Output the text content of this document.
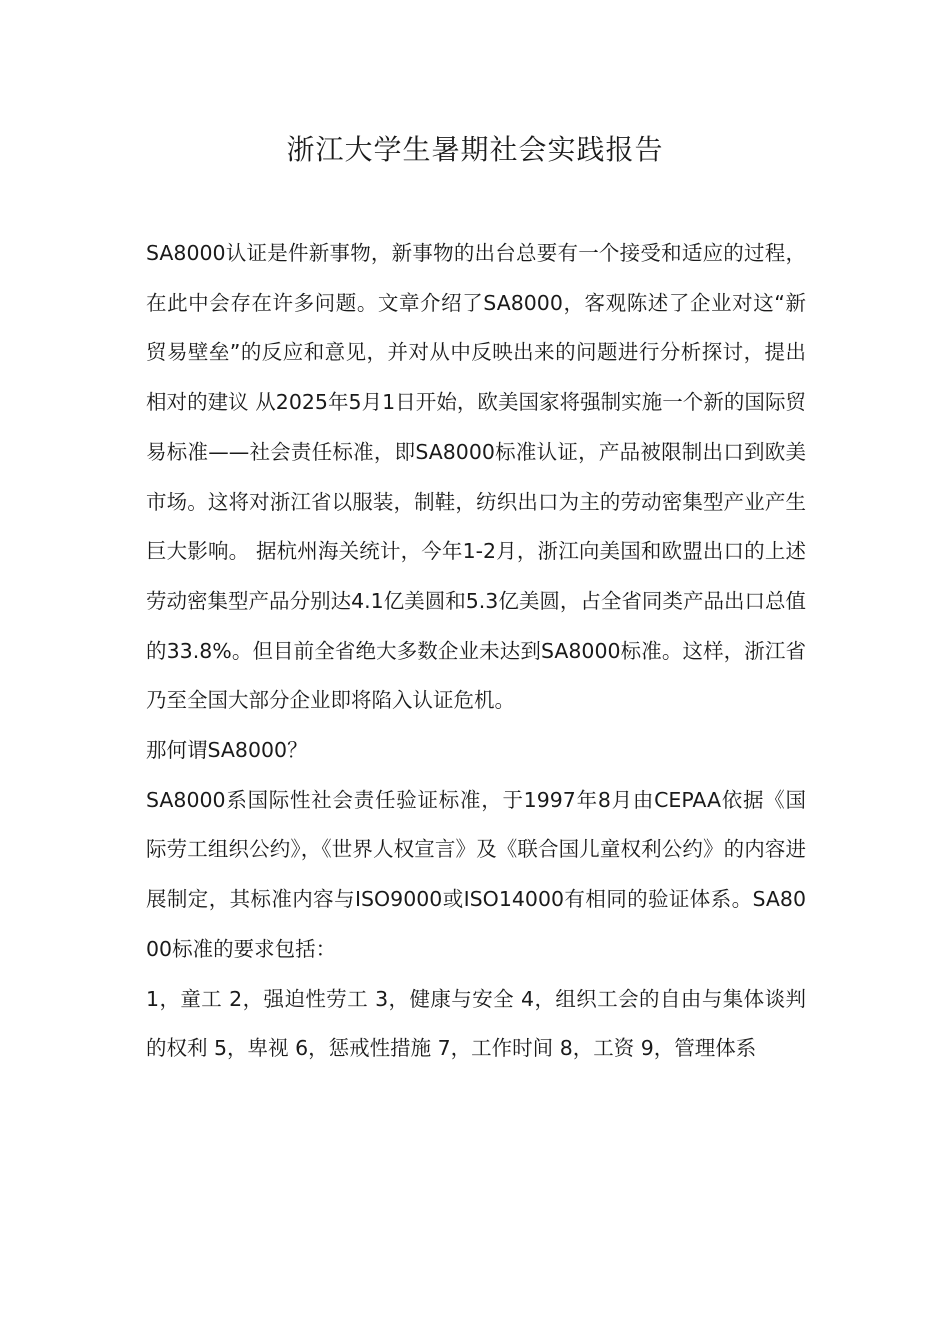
浙江大学生暑期社会实践报告

SA8000认证是件新事物，新事物的出台总要有一个接受和适应的过程，在此中会存在许多问题。文章介绍了SA8000，客观陈述了企业对这“新贸易壁垒”的反应和意见，并对从中反映出来的问题进行分析探讨，提出相对的建议 从2025年5月1日开始，欧美国家将强制实施一个新的国际贸易标准——社会责任标准，即SA8000标准认证，产品被限制出口到欧美市场。这将对浙江省以服装，制鞋，纺织出口为主的劳动密集型产业产生巨大影响。 据杭州海关统计，今年1-2月，浙江向美国和欧盟出口的上述劳动密集型产品分别达4.1亿美圆和5.3亿美圆，占全省同类产品出口总值的33.8%。但目前全省绝大多数企业未达到SA8000标准。这样，浙江省乃至全国大部分企业即将陷入认证危机。

那何谓SA8000？

SA8000系国际性社会责任验证标准，于1997年8月由CEPAA依据《国际劳工组织公约》，《世界人权宣言》及《联合国儿童权利公约》的内容进展制定，其标准内容与ISO9000或ISO14000有相同的验证体系。SA8000标准的要求包括：

1，童工 2，强迫性劳工 3，健康与安全 4，组织工会的自由与集体谈判的权利 5，卑视 6，惩戒性措施 7，工作时间 8，工资 9，管理体系
